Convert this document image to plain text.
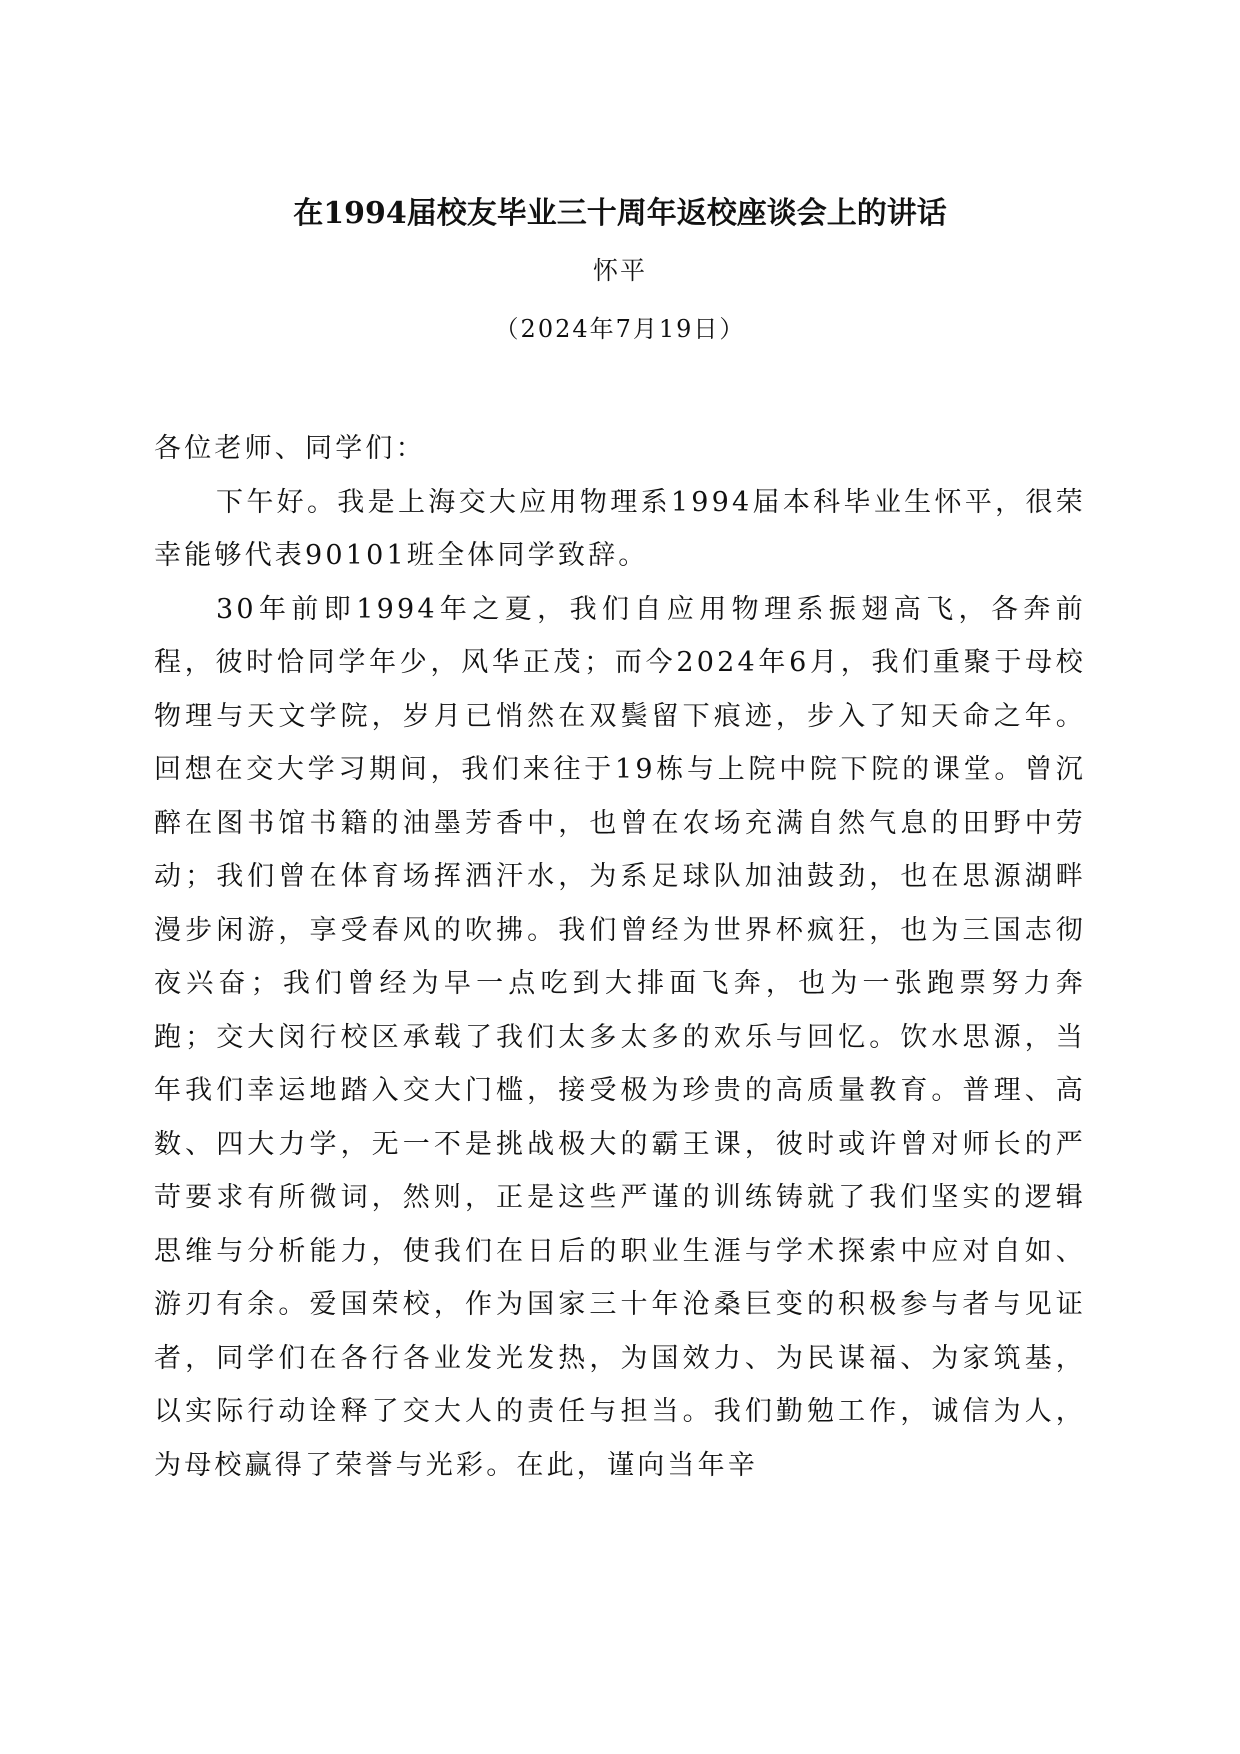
在1994届校友毕业三十周年返校座谈会上的讲话
怀平
（2024年7月19日）

各位老师、同学们：

下午好。我是上海交大应用物理系1994届本科毕业生怀平，很荣幸能够代表90101班全体同学致辞。

30年前即1994年之夏，我们自应用物理系振翅高飞，各奔前程，彼时恰同学年少，风华正茂；而今2024年6月，我们重聚于母校物理与天文学院，岁月已悄然在双鬓留下痕迹，步入了知天命之年。回想在交大学习期间，我们来往于19栋与上院中院下院的课堂。曾沉醉在图书馆书籍的油墨芳香中，也曾在农场充满自然气息的田野中劳动；我们曾在体育场挥洒汗水，为系足球队加油鼓劲，也在思源湖畔漫步闲游，享受春风的吹拂。我们曾经为世界杯疯狂，也为三国志彻夜兴奋；我们曾经为早一点吃到大排面飞奔，也为一张跑票努力奔跑；交大闵行校区承载了我们太多太多的欢乐与回忆。饮水思源，当年我们幸运地踏入交大门槛，接受极为珍贵的高质量教育。普理、高数、四大力学，无一不是挑战极大的霸王课，彼时或许曾对师长的严苛要求有所微词，然则，正是这些严谨的训练铸就了我们坚实的逻辑思维与分析能力，使我们在日后的职业生涯与学术探索中应对自如、游刃有余。爱国荣校，作为国家三十年沧桑巨变的积极参与者与见证者，同学们在各行各业发光发热，为国效力、为民谋福、为家筑基，以实际行动诠释了交大人的责任与担当。我们勤勉工作，诚信为人，为母校赢得了荣誉与光彩。在此，谨向当年辛
